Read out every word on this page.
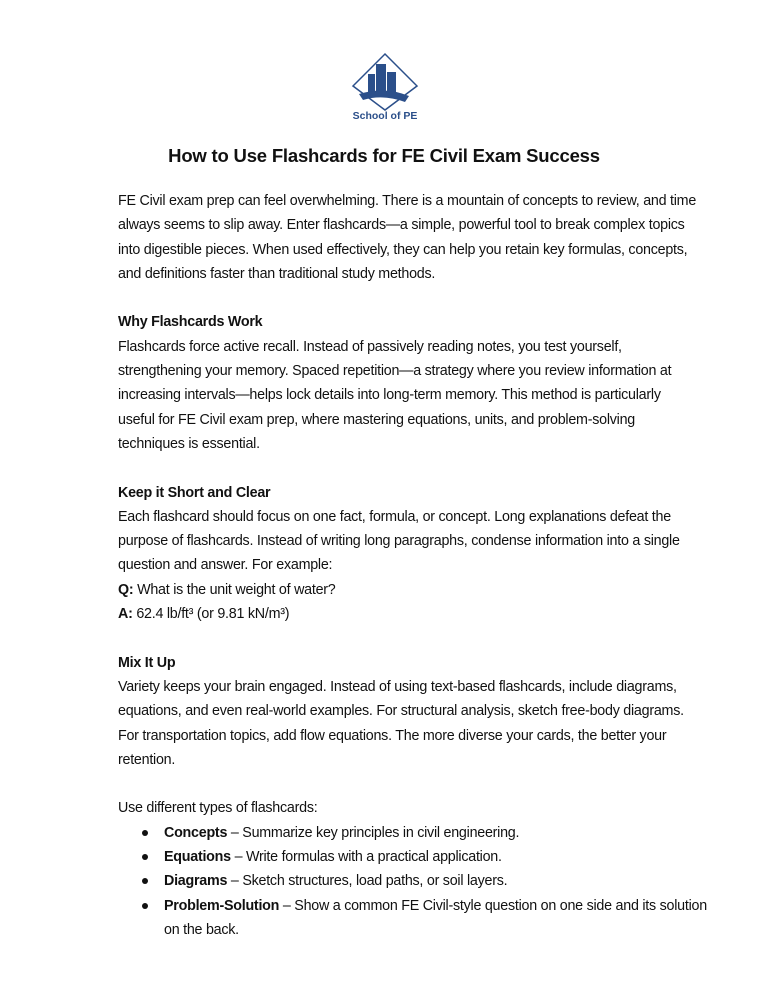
School of PE
How to Use Flashcards for FE Civil Exam Success
FE Civil exam prep can feel overwhelming. There is a mountain of concepts to review, and time
always seems to slip away. Enter flashcards—a simple, powerful tool to break complex topics
into digestible pieces. When used effectively, they can help you retain key formulas, concepts,
and definitions faster than traditional study methods.
Why Flashcards Work
Flashcards force active recall. Instead of passively reading notes, you test yourself,
strengthening your memory. Spaced repetition—a strategy where you review information at
increasing intervals—helps lock details into long-term memory. This method is particularly
useful for FE Civil exam prep, where mastering equations, units, and problem-solving
techniques is essential.
Keep it Short and Clear
Each flashcard should focus on one fact, formula, or concept. Long explanations defeat the
purpose of flashcards. Instead of writing long paragraphs, condense information into a single
question and answer. For example:
Q: What is the unit weight of water?
A: 62.4 lb/ft³ (or 9.81 kN/m³)
Mix It Up
Variety keeps your brain engaged. Instead of using text-based flashcards, include diagrams,
equations, and even real-world examples. For structural analysis, sketch free-body diagrams.
For transportation topics, add flow equations. The more diverse your cards, the better your
retention.
Use different types of flashcards:
Concepts – Summarize key principles in civil engineering.
Equations – Write formulas with a practical application.
Diagrams – Sketch structures, load paths, or soil layers.
Problem-Solution – Show a common FE Civil-style question on one side and its solution
on the back.
